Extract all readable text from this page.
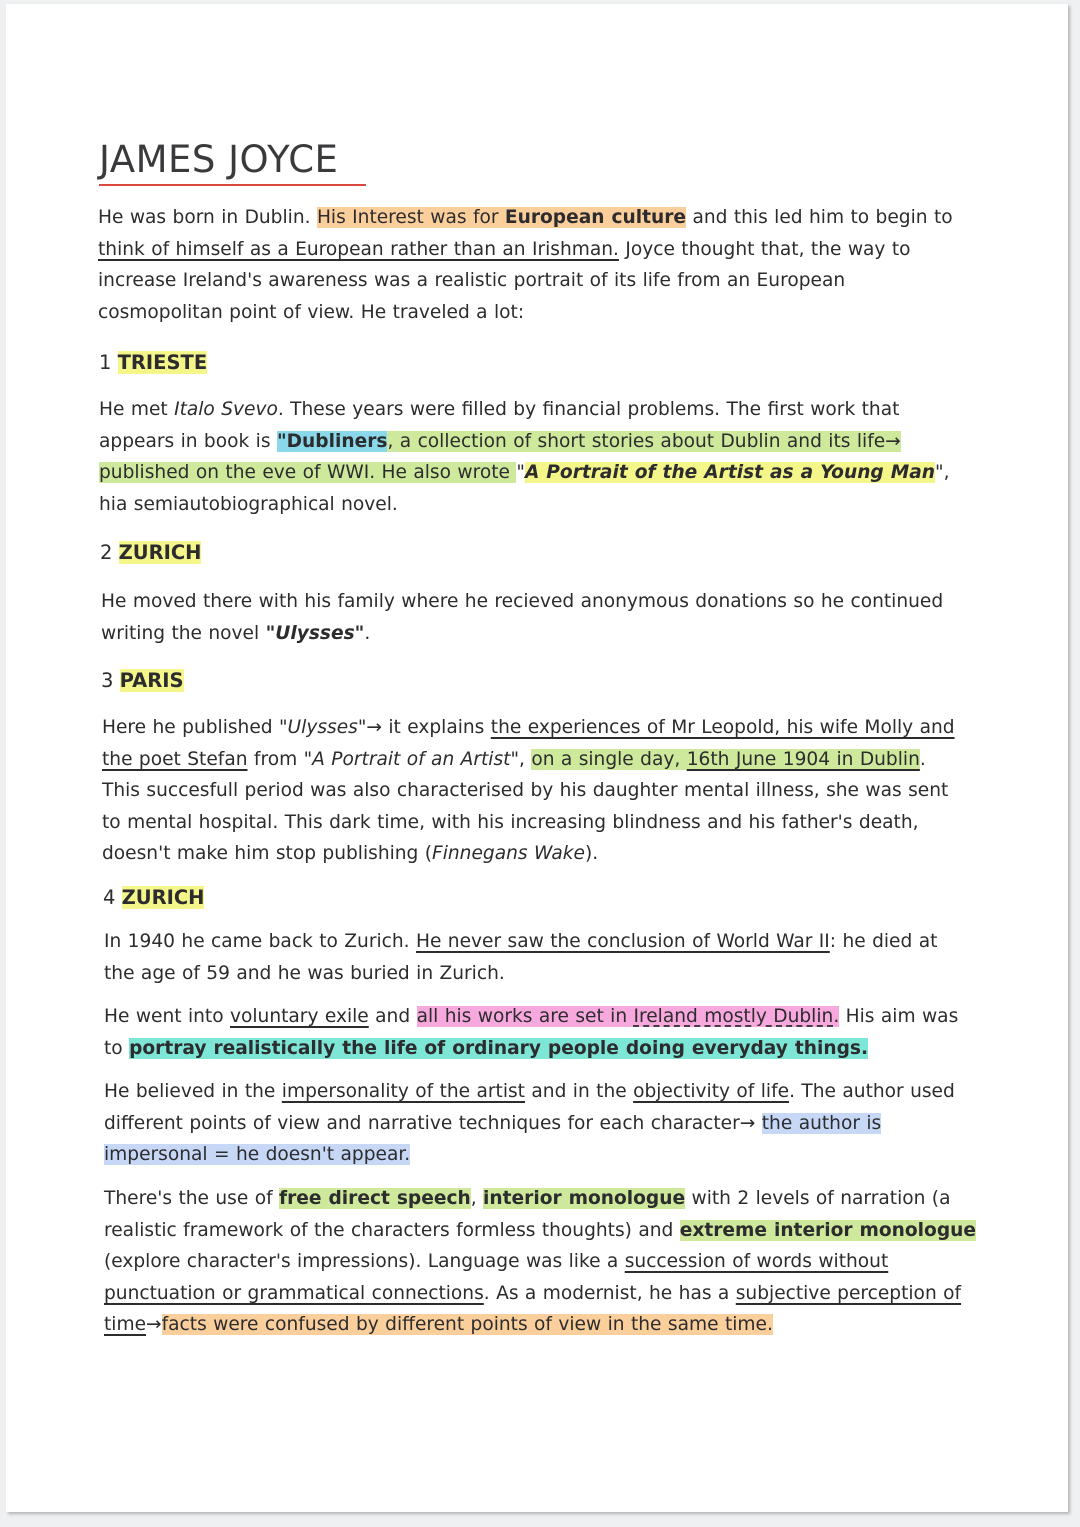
JAMES JOYCE
He was born in Dublin. His Interest was for European culture and this led him to begin to think of himself as a European rather than an Irishman. Joyce thought that, the way to increase Ireland's awareness was a realistic portrait of its life from an European cosmopolitan point of view. He traveled a lot:
1 TRIESTE
He met Italo Svevo. These years were filled by financial problems. The first work that appears in book is "Dubliners, a collection of short stories about Dublin and its life→ published on the eve of WWI. He also wrote "A Portrait of the Artist as a Young Man", hia semiautobiographical novel.
2 ZURICH
He moved there with his family where he recieved anonymous donations so he continued writing the novel "Ulysses".
3 PARIS
Here he published "Ulysses"→ it explains the experiences of Mr Leopold, his wife Molly and the poet Stefan from "A Portrait of an Artist", on a single day, 16th June 1904 in Dublin. This succesfull period was also characterised by his daughter mental illness, she was sent to mental hospital. This dark time, with his increasing blindness and his father's death, doesn't make him stop publishing (Finnegans Wake).
4 ZURICH
In 1940 he came back to Zurich. He never saw the conclusion of World War II: he died at the age of 59 and he was buried in Zurich.
He went into voluntary exile and all his works are set in Ireland mostly Dublin. His aim was to portray realistically the life of ordinary people doing everyday things.
He believed in the impersonality of the artist and in the objectivity of life. The author used different points of view and narrative techniques for each character→ the author is impersonal = he doesn't appear.
There's the use of free direct speech, interior monologue with 2 levels of narration (a realistic framework of the characters formless thoughts) and extreme interior monologue (explore character's impressions). Language was like a succession of words without punctuation or grammatical connections. As a modernist, he has a subjective perception of time→facts were confused by different points of view in the same time.
